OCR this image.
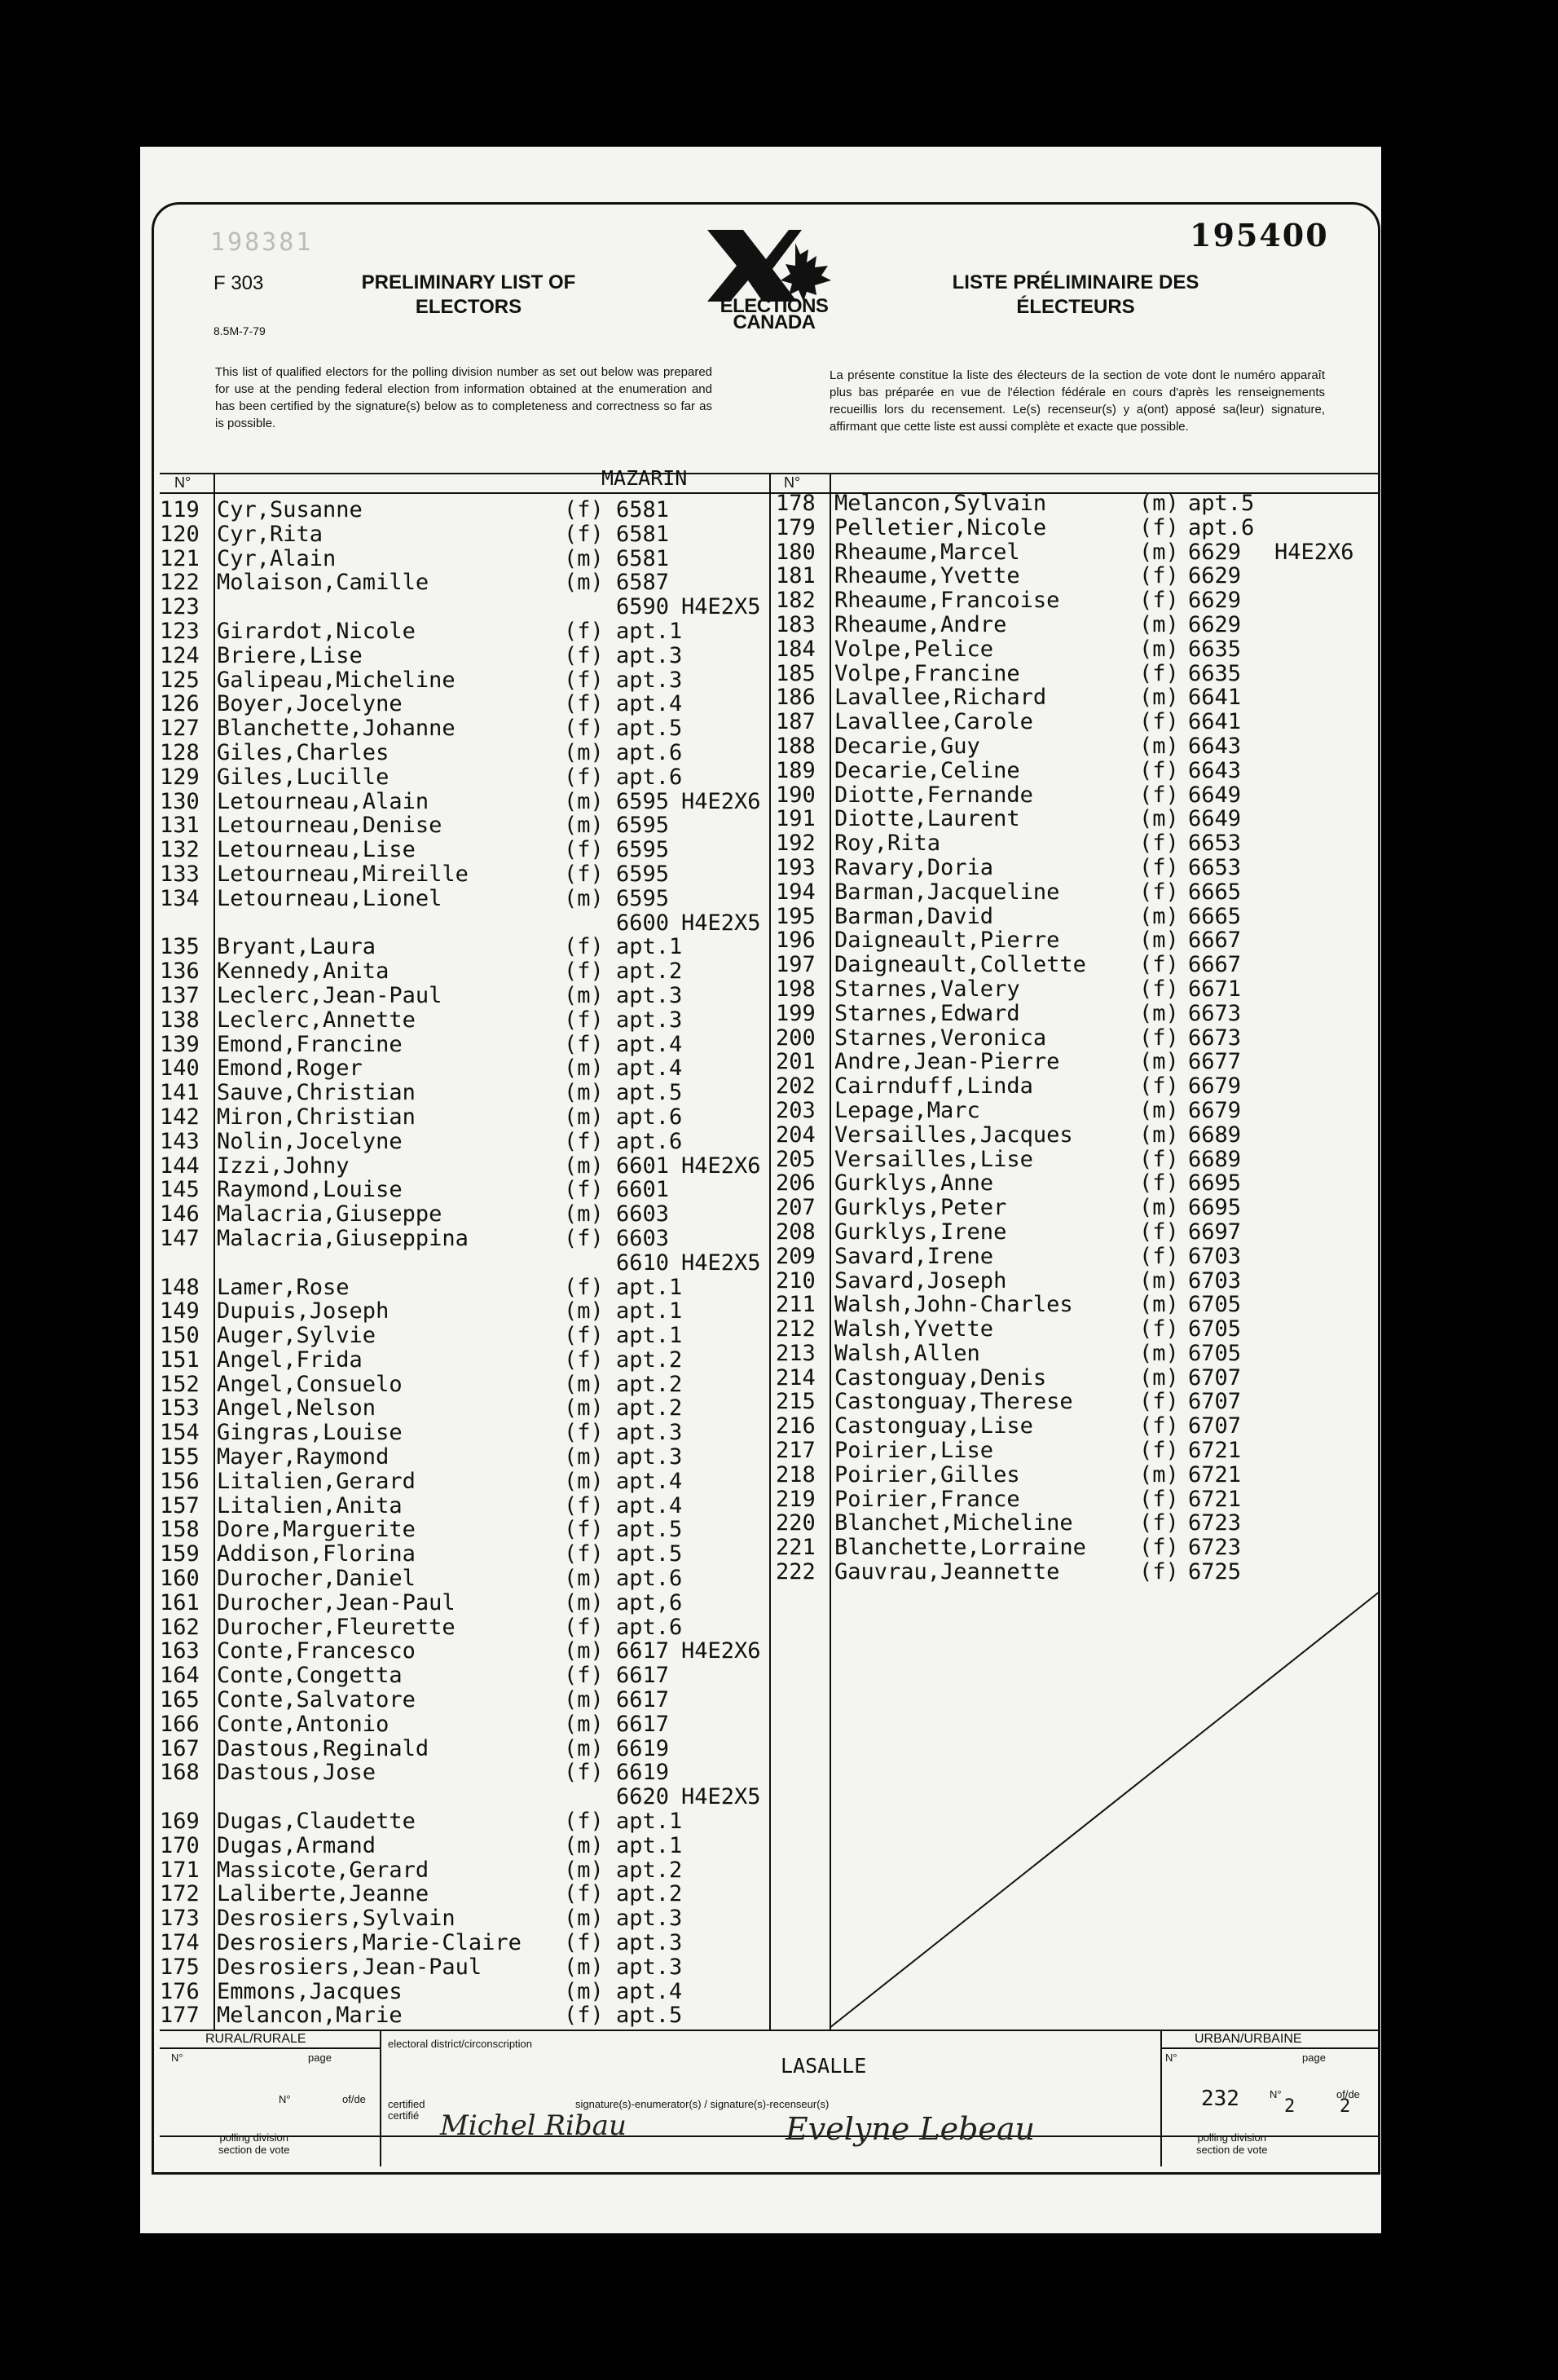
198381	195400
F 303
8.5M-7-79
PRELIMINARY LIST OF
ELECTORS
LISTE PRÉLIMINAIRE DES
ÉLECTEURS
ELECTIONS
CANADA
This list of qualified electors for the polling division number as set out below was prepared for use at the pending federal election from information obtained at the enumeration and has been certified by the signature(s) below as to completeness and correctness so far as is possible.
La présente constitue la liste des électeurs de la section de vote dont le numéro apparaît plus bas préparée en vue de l'élection fédérale en cours d'après les renseignements recueillis lors du recensement. Le(s) recenseur(s) y a(ont) apposé sa(leur) signature, affirmant que cette liste est aussi complète et exacte que possible.
N°	N°
MAZARIN
119 Cyr,Susanne	(f) 6581
120 Cyr,Rita	(f) 6581
121 Cyr,Alain	(m) 6581
122 Molaison,Camille	(m) 6587
123	6590 H4E2X5
123 Girardot,Nicole	(f) apt.1
124 Briere,Lise	(f) apt.3
125 Galipeau,Micheline	(f) apt.3
126 Boyer,Jocelyne	(f) apt.4
127 Blanchette,Johanne	(f) apt.5
128 Giles,Charles	(m) apt.6
129 Giles,Lucille	(f) apt.6
130 Letourneau,Alain	(m) 6595 H4E2X6
131 Letourneau,Denise	(m) 6595
132 Letourneau,Lise	(f) 6595
133 Letourneau,Mireille	(f) 6595
134 Letourneau,Lionel	(m) 6595
6600 H4E2X5
135 Bryant,Laura	(f) apt.1
136 Kennedy,Anita	(f) apt.2
137 Leclerc,Jean-Paul	(m) apt.3
138 Leclerc,Annette	(f) apt.3
139 Emond,Francine	(f) apt.4
140 Emond,Roger	(m) apt.4
141 Sauve,Christian	(m) apt.5
142 Miron,Christian	(m) apt.6
143 Nolin,Jocelyne	(f) apt.6
144 Izzi,Johny	(m) 6601 H4E2X6
145 Raymond,Louise	(f) 6601
146 Malacria,Giuseppe	(m) 6603
147 Malacria,Giuseppina	(f) 6603
6610 H4E2X5
148 Lamer,Rose	(f) apt.1
149 Dupuis,Joseph	(m) apt.1
150 Auger,Sylvie	(f) apt.1
151 Angel,Frida	(f) apt.2
152 Angel,Consuelo	(m) apt.2
153 Angel,Nelson	(m) apt.2
154 Gingras,Louise	(f) apt.3
155 Mayer,Raymond	(m) apt.3
156 Litalien,Gerard	(m) apt.4
157 Litalien,Anita	(f) apt.4
158 Dore,Marguerite	(f) apt.5
159 Addison,Florina	(f) apt.5
160 Durocher,Daniel	(m) apt.6
161 Durocher,Jean-Paul	(m) apt,6
162 Durocher,Fleurette	(f) apt.6
163 Conte,Francesco	(m) 6617 H4E2X6
164 Conte,Congetta	(f) 6617
165 Conte,Salvatore	(m) 6617
166 Conte,Antonio	(m) 6617
167 Dastous,Reginald	(m) 6619
168 Dastous,Jose	(f) 6619
6620 H4E2X5
169 Dugas,Claudette	(f) apt.1
170 Dugas,Armand	(m) apt.1
171 Massicote,Gerard	(m) apt.2
172 Laliberte,Jeanne	(f) apt.2
173 Desrosiers,Sylvain	(m) apt.3
174 Desrosiers,Marie-Claire (f) apt.3
175 Desrosiers,Jean-Paul	(m) apt.3
176 Emmons,Jacques	(m) apt.4
177 Melancon,Marie	(f) apt.5
178 Melancon,Sylvain	(m) apt.5
179 Pelletier,Nicole	(f) apt.6
180 Rheaume,Marcel	(m) 6629 H4E2X6
181 Rheaume,Yvette	(f) 6629
182 Rheaume,Francoise	(f) 6629
183 Rheaume,Andre	(m) 6629
184 Volpe,Pelice	(m) 6635
185 Volpe,Francine	(f) 6635
186 Lavallee,Richard	(m) 6641
187 Lavallee,Carole	(f) 6641
188 Decarie,Guy	(m) 6643
189 Decarie,Celine	(f) 6643
190 Diotte,Fernande	(f) 6649
191 Diotte,Laurent	(m) 6649
192 Roy,Rita	(f) 6653
193 Ravary,Doria	(f) 6653
194 Barman,Jacqueline	(f) 6665
195 Barman,David	(m) 6665
196 Daigneault,Pierre	(m) 6667
197 Daigneault,Collette (f) 6667
198 Starnes,Valery	(f) 6671
199 Starnes,Edward	(m) 6673
200 Starnes,Veronica	(f) 6673
201 Andre,Jean-Pierre	(m) 6677
202 Cairnduff,Linda	(f) 6679
203 Lepage,Marc	(m) 6679
204 Versailles,Jacques	(m) 6689
205 Versailles,Lise	(f) 6689
206 Gurklys,Anne	(f) 6695
207 Gurklys,Peter	(m) 6695
208 Gurklys,Irene	(f) 6697
209 Savard,Irene	(f) 6703
210 Savard,Joseph	(m) 6703
211 Walsh,John-Charles	(m) 6705
212 Walsh,Yvette	(f) 6705
213 Walsh,Allen	(m) 6705
214 Castonguay,Denis	(m) 6707
215 Castonguay,Therese	(f) 6707
216 Castonguay,Lise	(f) 6707
217 Poirier,Lise	(f) 6721
218 Poirier,Gilles	(m) 6721
219 Poirier,France	(f) 6721
220 Blanchet,Micheline	(f) 6723
221 Blanchette,Lorraine (f) 6723
222 Gauvrau,Jeannette	(f) 6725
RURAL/RURALE
N°	page
N°	of/de
polling division
section de vote
electoral district/circonscription
LASALLE
certified
certifié
signature(s)-enumerator(s) / signature(s)-recenseur(s)
Michel Ribau	Evelyne Lebeau
URBAN/URBAINE
N°	page
232	N°
2
of/de
2
polling division
section de vote
